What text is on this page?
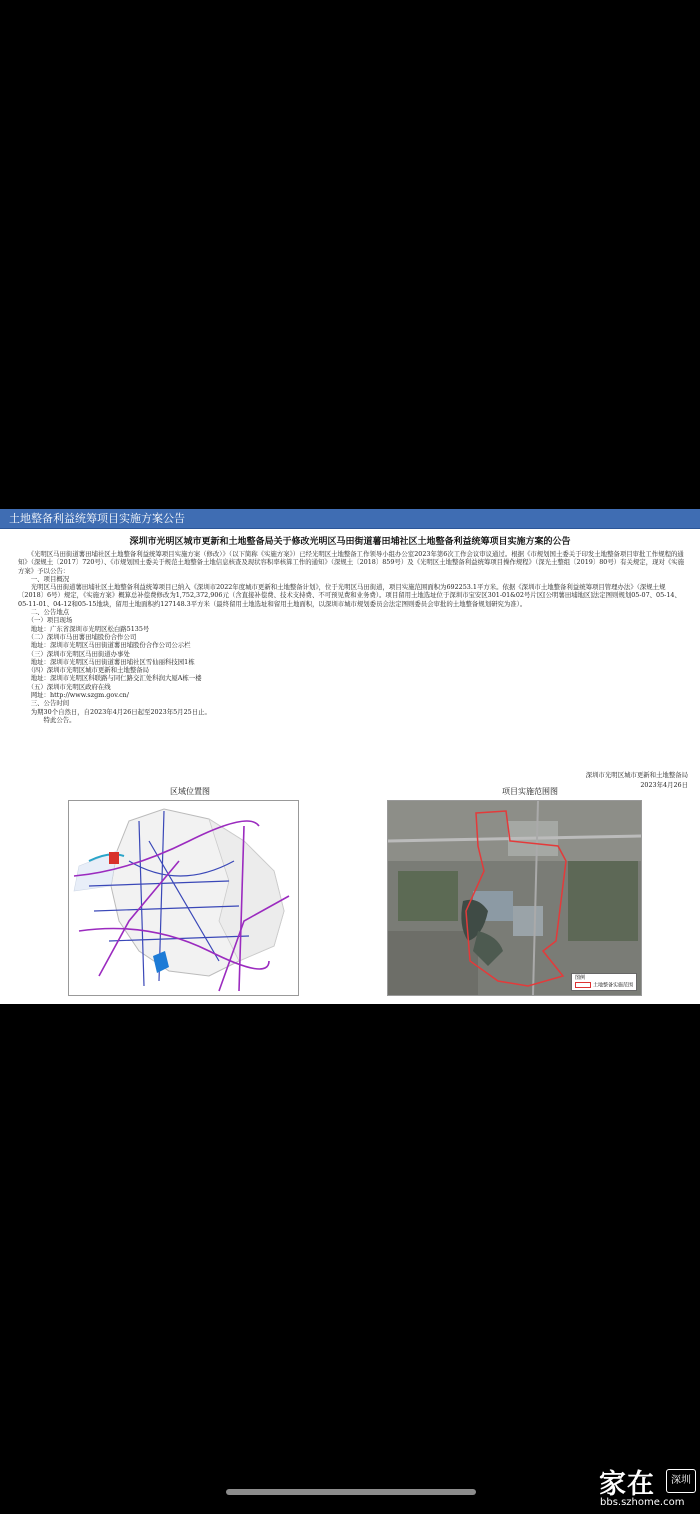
土地整备利益统筹项目实施方案公告
深圳市光明区城市更新和土地整备局关于修改光明区马田街道薯田埔社区土地整备利益统筹项目实施方案的公告

　　《光明区马田街道薯田埔社区土地整备利益统筹项目实施方案（修改）》（以下简称《实施方案》）已经光明区土地整备工作领导小组办公室2023年第6次工作会议审议通过。根据《市规划国土委关于印发土地整备项目审批工作规程的通知》（深规土〔2017〕720号）、《市规划国土委关于规范土地整备土地信息核查及现状容积率核算工作的通知》（深规土〔2018〕859号）及《光明区土地整备利益统筹项目操作规程》（深光土整组〔2019〕80号）有关规定，现对《实施方案》予以公告：

　　一、项目概况

　　光明区马田街道薯田埔社区土地整备利益统筹项目已纳入《深圳市2022年度城市更新和土地整备计划》，位于光明区马田街道，项目实施范围面积为692253.1平方米。依据《深圳市土地整备利益统筹项目管理办法》（深规土规〔2018〕6号）规定，《实施方案》概算总补偿费修改为1,752,372,906元（含直接补偿费、技术支持费、不可预见费和业务费）。项目留用土地选址位于深圳市宝安区301-01&02号片区[公明薯田埔地区]法定图则规划05-07、05-14、05-11-01、04-12和05-15地块，留用土地面积约127148.3平方米（最终留用土地选址和留用土地面积，以深圳市城市规划委员会法定图则委员会审批的土地整备规划研究为准）。

　　二、公告地点

　　（一）项目现场

　　地址：广东省深圳市光明区松白路5135号

　　（二）深圳市马田薯田埔股份合作公司

　　地址：深圳市光明区马田街道薯田埔股份合作公司公示栏

　　（三）深圳市光明区马田街道办事处

　　地址：深圳市光明区马田街道薯田埔社区雪仙丽科技园1栋

　　（四）深圳市光明区城市更新和土地整备局

　　地址：深圳市光明区科联路与同仁路交汇处科润大厦A栋一楼

　　（五）深圳市光明区政府在线

　　网址：http://www.szgm.gov.cn/

　　三、公告时间

　　为期30个自然日，自2023年4月26日起至2023年5月25日止。

　　　　特此公告。

深圳市光明区城市更新和土地整备局
2023年4月26日
区域位置图	项目实施范围图
图例
土地整备实施范围
家在	深圳
bbs.szhome.com
